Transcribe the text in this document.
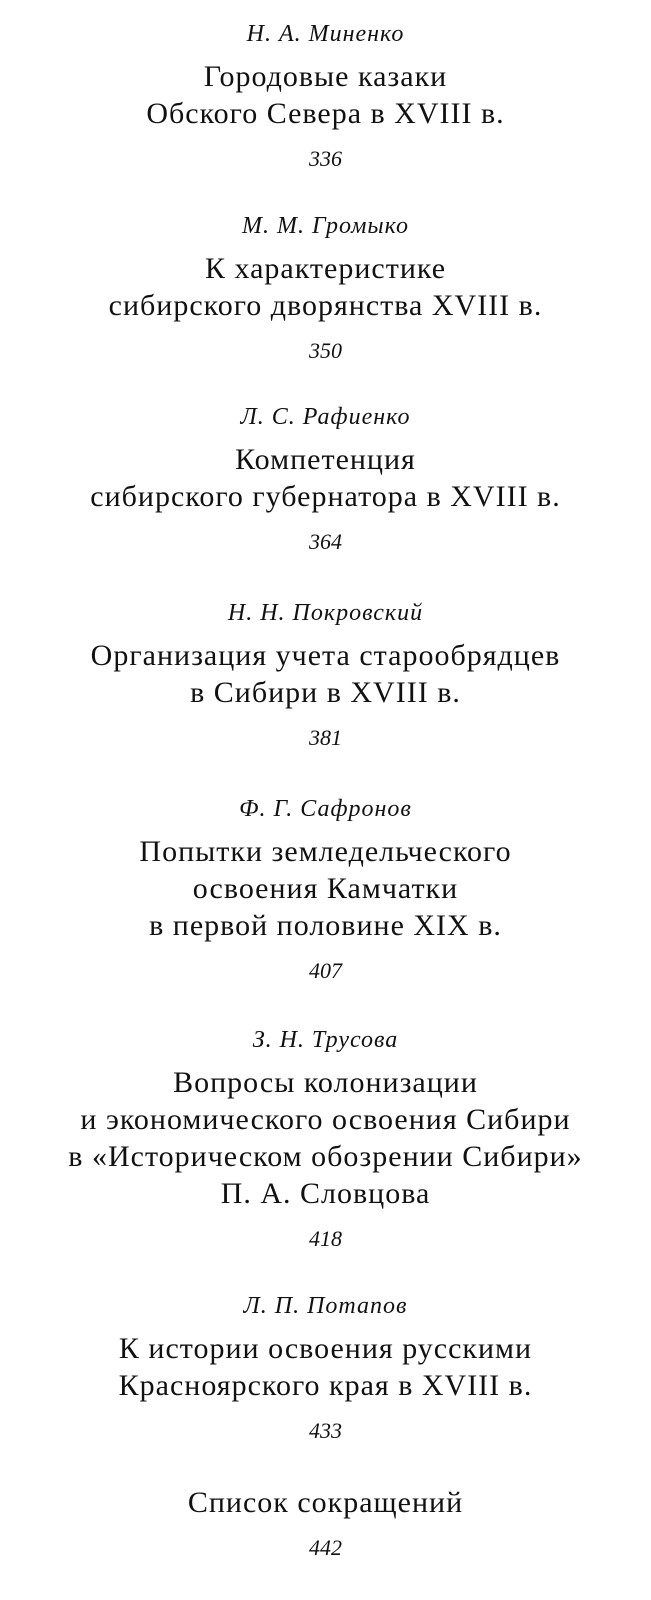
Н. А. Миненко
Городовые казаки
Обского Севера в XVIII в.
336
М. М. Громыко
К характеристике
сибирского дворянства XVIII в.
350
Л. С. Рафиенко
Компетенция
сибирского губернатора в XVIII в.
364
Н. Н. Покровский
Организация учета старообрядцев
в Сибири в XVIII в.
381
Ф. Г. Сафронов
Попытки земледельческого
освоения Камчатки
в первой половине XIX в.
407
З. Н. Трусова
Вопросы колонизации
и экономического освоения Сибири
в «Историческом обозрении Сибири»
П. А. Словцова
418
Л. П. Потапов
К истории освоения русскими
Красноярского края в XVIII в.
433
Список сокращений
442
